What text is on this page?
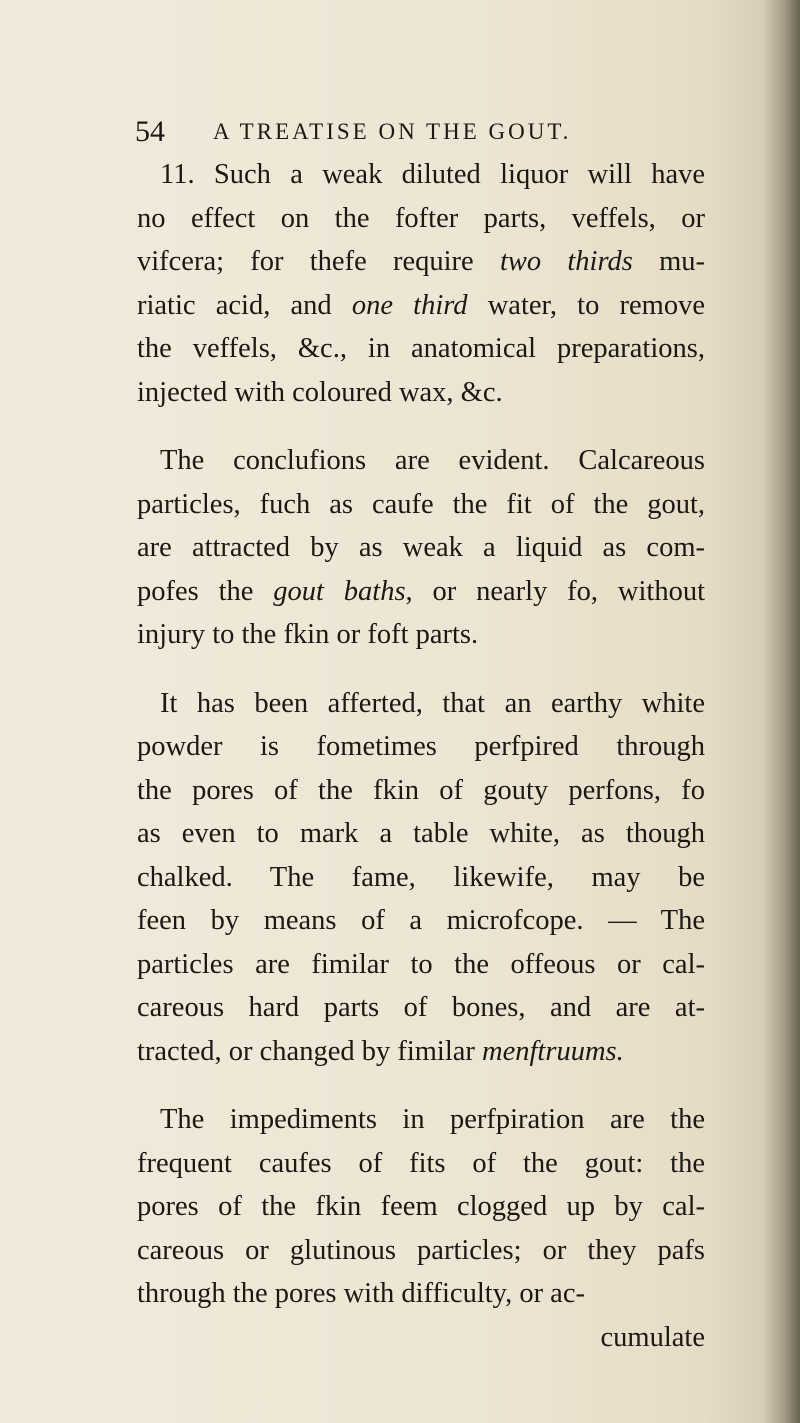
54 A TREATISE ON THE GOUT.
11. Such a weak diluted liquor will have
no effect on the fofter parts, veffels, or
vifcera; for thefe require two thirds mu-
riatic acid, and one third water, to remove
the veffels, &c., in anatomical preparations,
injected with coloured wax, &c.
The conclufions are evident. Calcareous
particles, fuch as caufe the fit of the gout,
are attracted by as weak a liquid as com-
pofes the gout baths, or nearly fo, without
injury to the fkin or foft parts.
It has been afferted, that an earthy white
powder is fometimes perfpired through
the pores of the fkin of gouty perfons, fo
as even to mark a table white, as though
chalked. The fame, likewife, may be
feen by means of a microfcope. — The
particles are fimilar to the offeous or cal-
careous hard parts of bones, and are at-
tracted, or changed by fimilar menftruums.
The impediments in perfpiration are the
frequent caufes of fits of the gout: the
pores of the fkin feem clogged up by cal-
careous or glutinous particles; or they pafs
through the pores with difficulty, or ac-
cumulate
